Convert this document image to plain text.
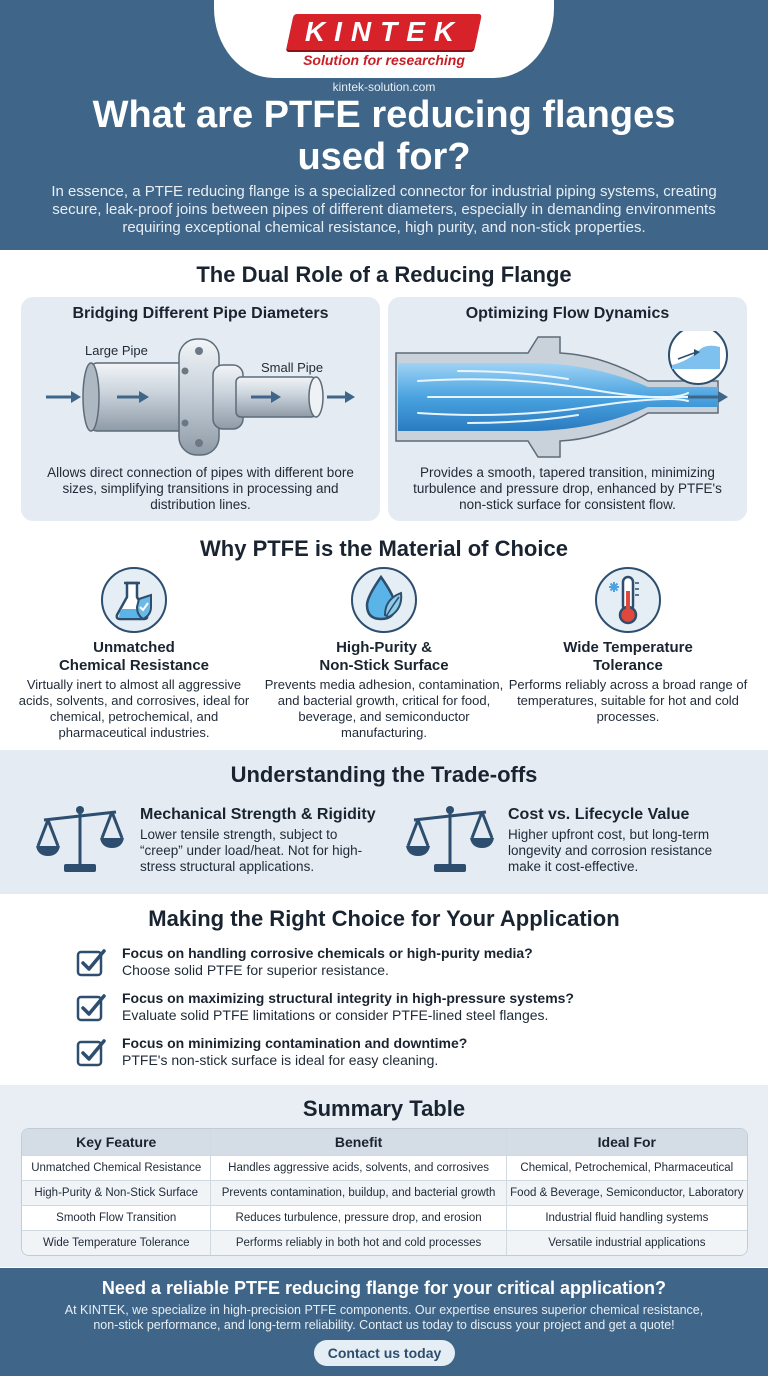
KINTEK
Solution for researching
kintek-solution.com
What are PTFE reducing flanges used for?
In essence, a PTFE reducing flange is a specialized connector for industrial piping systems, creating secure, leak-proof joins between pipes of different diameters, especially in demanding environments requiring exceptional chemical resistance, high purity, and non-stick properties.
The Dual Role of a Reducing Flange
Bridging Different Pipe Diameters
Large Pipe
Small Pipe
Allows direct connection of pipes with different bore sizes, simplifying transitions in processing and distribution lines.
Optimizing Flow Dynamics
Provides a smooth, tapered transition, minimizing turbulence and pressure drop, enhanced by PTFE's non-stick surface for consistent flow.
Why PTFE is the Material of Choice
Unmatched
Chemical Resistance
Virtually inert to almost all aggressive acids, solvents, and corrosives, ideal for chemical, petrochemical, and pharmaceutical industries.
High-Purity &
Non-Stick Surface
Prevents media adhesion, contamination, and bacterial growth, critical for food, beverage, and semiconductor manufacturing.
Wide Temperature
Tolerance
Performs reliably across a broad range of temperatures, suitable for hot and cold processes.
Understanding the Trade-offs
Mechanical Strength & Rigidity
Lower tensile strength, subject to “creep” under load/heat. Not for high-stress structural applications.
Cost vs. Lifecycle Value
Higher upfront cost, but long-term longevity and corrosion resistance make it cost-effective.
Making the Right Choice for Your Application
Focus on handling corrosive chemicals or high-purity media?
Choose solid PTFE for superior resistance.
Focus on maximizing structural integrity in high-pressure systems?
Evaluate solid PTFE limitations or consider PTFE-lined steel flanges.
Focus on minimizing contamination and downtime?
PTFE's non-stick surface is ideal for easy cleaning.
Summary Table
Key Feature	Benefit	Ideal For
Unmatched Chemical Resistance	Handles aggressive acids, solvents, and corrosives	Chemical, Petrochemical, Pharmaceutical
High-Purity & Non-Stick Surface	Prevents contamination, buildup, and bacterial growth	Food & Beverage, Semiconductor, Laboratory
Smooth Flow Transition	Reduces turbulence, pressure drop, and erosion	Industrial fluid handling systems
Wide Temperature Tolerance	Performs reliably in both hot and cold processes	Versatile industrial applications
Need a reliable PTFE reducing flange for your critical application?
At KINTEK, we specialize in high-precision PTFE components. Our expertise ensures superior chemical resistance, non-stick performance, and long-term reliability. Contact us today to discuss your project and get a quote!
Contact us today
